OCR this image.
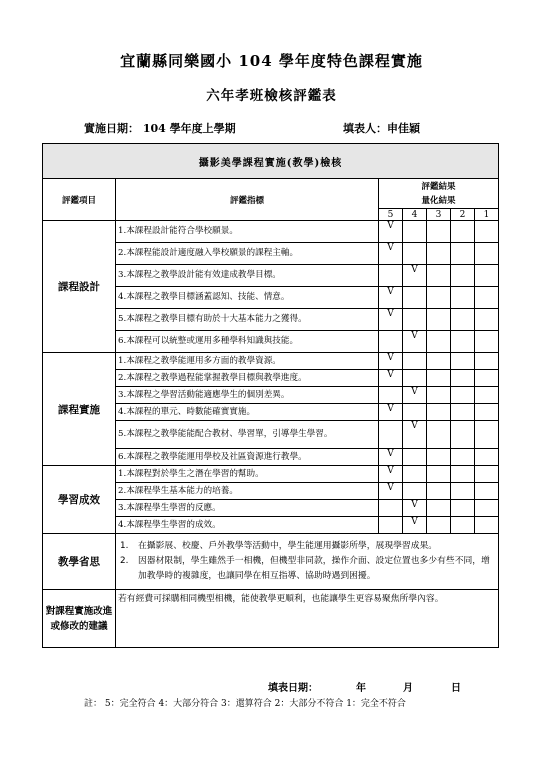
宜蘭縣同樂國小 104 學年度特色課程實施
六年孝班檢核評鑑表
實施日期： 104 學年度上學期	填表人：申佳穎
攝影美學課程實施(教學)檢核						
評鑑項目	評鑑指標	評鑑結果
量化結果				

		5	4	3	2	1
課程設計	1.本課程設計能符合學校願景。	V				
	2.本課程能設計適度融入學校願景的課程主軸。	V				
	3.本課程之教學設計能有效達成教學目標。		V			
	4.本課程之教學目標涵蓋認知、技能、情意。	V				
	5.本課程之教學目標有助於十大基本能力之獲得。	V				
	6.本課程可以統整或運用多種學科知識與技能。		V			
課程實施	1.本課程之教學能運用多方面的教學資源。	V				
	2.本課程之教學過程能掌握教學目標與教學進度。	V				
	3.本課程之學習活動能適應學生的個別差異。		V			
	4.本課程的單元、時數能確實實施。	V				
	5.本課程之教學能能配合教材、學習單，引導學生學習。		V			
	6.本課程之教學能運用學校及社區資源進行教學。	V				
學習成效	1.本課程對於學生之潛在學習的幫助。	V				
	2.本課程學生基本能力的培養。	V				
	3.本課程學生學習的反應。		V			
	4.本課程學生學習的成效。		V			
教學省思	1. 在攝影展、校慶、戶外教學等活動中，學生能運用攝影所學，展現學習成果。
2. 因器材限制，學生雖然手一相機，但機型非同款，操作介面、設定位置也多少有些不同，增加教學時的複雜度，也讓同學在相互指導、協助時遇到困擾。					

對課程實施改進或修改的建議	若有經費可採購相同機型相機，能使教學更順利，也能讓學生更容易聚焦所學內容。					
填表日期：	年	月	日
註： 5：完全符合 4：大部分符合 3：還算符合 2：大部分不符合 1：完全不符合
